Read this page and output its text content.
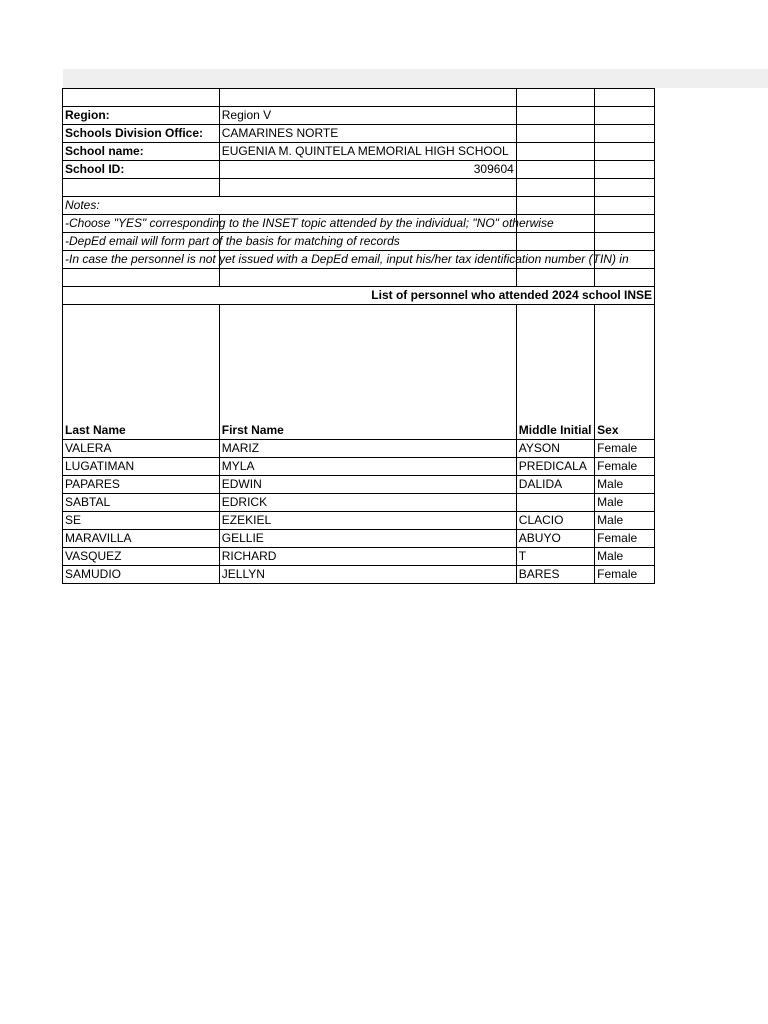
Region:	Region V		
Schools Division Office:	CAMARINES NORTE		
School name:	EUGENIA M. QUINTELA MEMORIAL HIGH SCHOOL		
School ID:	309604		

Notes:			
-Choose "YES" corresponding to the INSET topic attended by the individual; "NO" otherwise			
-DepEd email will form part of the basis for matching of records			
-In case the personnel is not yet issued with a DepEd email, input his/her tax identification number (TIN) in			

List of personnel who attended 2024 school INSE			

Last Name	First Name	Middle Initial	Sex

VALERA	MARIZ	AYSON	Female
LUGATIMAN	MYLA	PREDICALA	Female
PAPARES	EDWIN	DALIDA	Male
SABTAL	EDRICK		Male
SE	EZEKIEL	CLACIO	Male
MARAVILLA	GELLIE	ABUYO	Female
VASQUEZ	RICHARD	T	Male
SAMUDIO	JELLYN	BARES	Female
